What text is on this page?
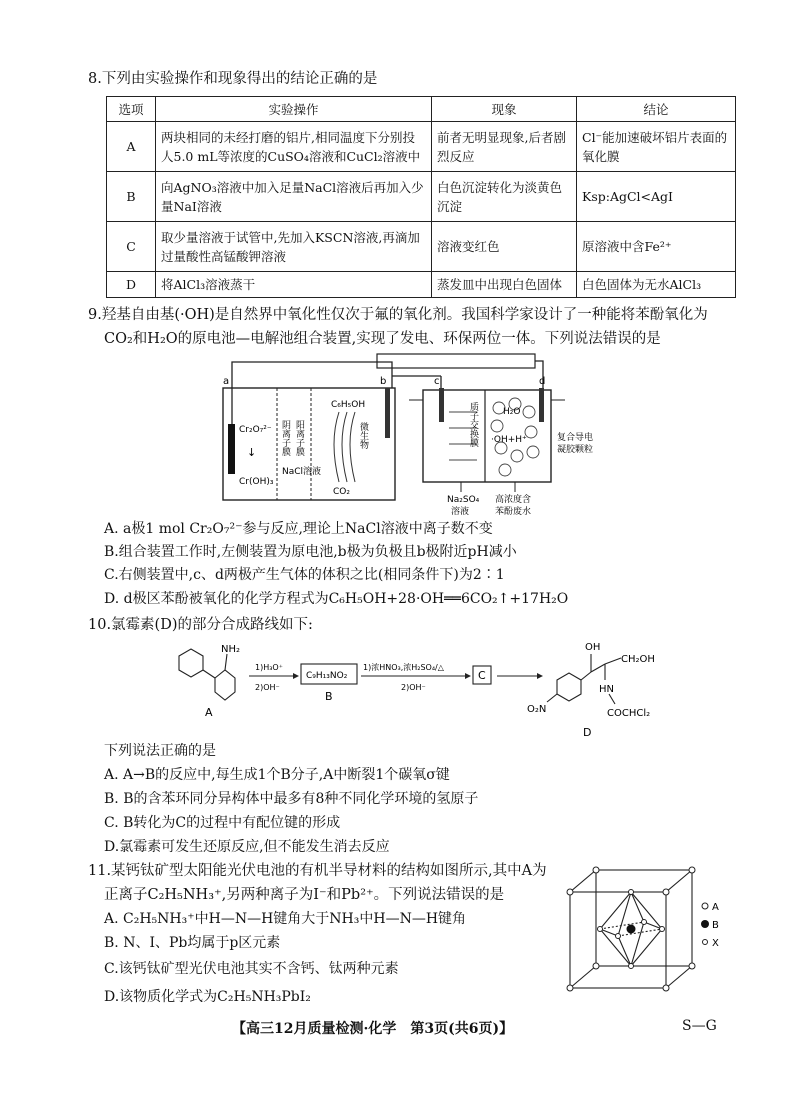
8.下列由实验操作和现象得出的结论正确的是
选项	实验操作	现象	结论
A	两块相同的未经打磨的铝片,相同温度下分别投人5.0 mL等浓度的CuSO₄溶液和CuCl₂溶液中	前者无明显现象,后者剧烈反应	Cl⁻能加速破坏铝片表面的氧化膜
B	向AgNO₃溶液中加入足量NaCl溶液后再加入少量NaI溶液	白色沉淀转化为淡黄色沉淀	Ksp:AgCl<AgI
C	取少量溶液于试管中,先加入KSCN溶液,再滴加过量酸性高锰酸钾溶液	溶液变红色	原溶液中含Fe²⁺
D	将AlCl₃溶液蒸干	蒸发皿中出现白色固体	白色固体为无水AlCl₃
9.羟基自由基(·OH)是自然界中氧化性仅次于氟的氧化剂。我国科学家设计了一种能将苯酚氧化为
CO₂和H₂O的原电池—电解池组合装置,实现了发电、环保两位一体。下列说法错误的是
a	b
Cr₂O₇²⁻
↓
Cr(OH)₃
阴离子膜 阳离子膜
NaCl溶液
C₆H₅OH
微生物
CO₂
c	d
质子交换膜	H₂O
·OH+H⁺	复合导电
凝胶颗粒
Na₂SO₄
溶液
高浓度含
苯酚废水
A. a极1 mol Cr₂O₇²⁻参与反应,理论上NaCl溶液中离子数不变
B.组合装置工作时,左侧装置为原电池,b极为负极且b极附近pH减小
C.右侧装置中,c、d两极产生气体的体积之比(相同条件下)为2∶1
D. d极区苯酚被氧化的化学方程式为C₆H₅OH+28·OH══6CO₂↑+17H₂O
10.氯霉素(D)的部分合成路线如下:
NH₂
A
1)H₃O⁺
2)OH⁻
C₉H₁₃NO₂
B
1)浓HNO₃,浓H₂SO₄/△
2)OH⁻
C
OH
CH₂OH
HN
O₂N	COCHCl₂
D
下列说法正确的是
A. A→B的反应中,每生成1个B分子,A中断裂1个碳氧σ键
B. B的含苯环同分异构体中最多有8种不同化学环境的氢原子
C. B转化为C的过程中有配位键的形成
D.氯霉素可发生还原反应,但不能发生消去反应
11.某钙钛矿型太阳能光伏电池的有机半导材料的结构如图所示,其中A为
正离子C₂H₅NH₃⁺,另两种离子为I⁻和Pb²⁺。下列说法错误的是
A. C₂H₅NH₃⁺中H—N—H键角大于NH₃中H—N—H键角
B. N、I、Pb均属于p区元素
C.该钙钛矿型光伏电池其实不含钙、钛两种元素
D.该物质化学式为C₂H₅NH₃PbI₂
A
B
X
【高三12月质量检测·化学　第3页(共6页)】	S—G
